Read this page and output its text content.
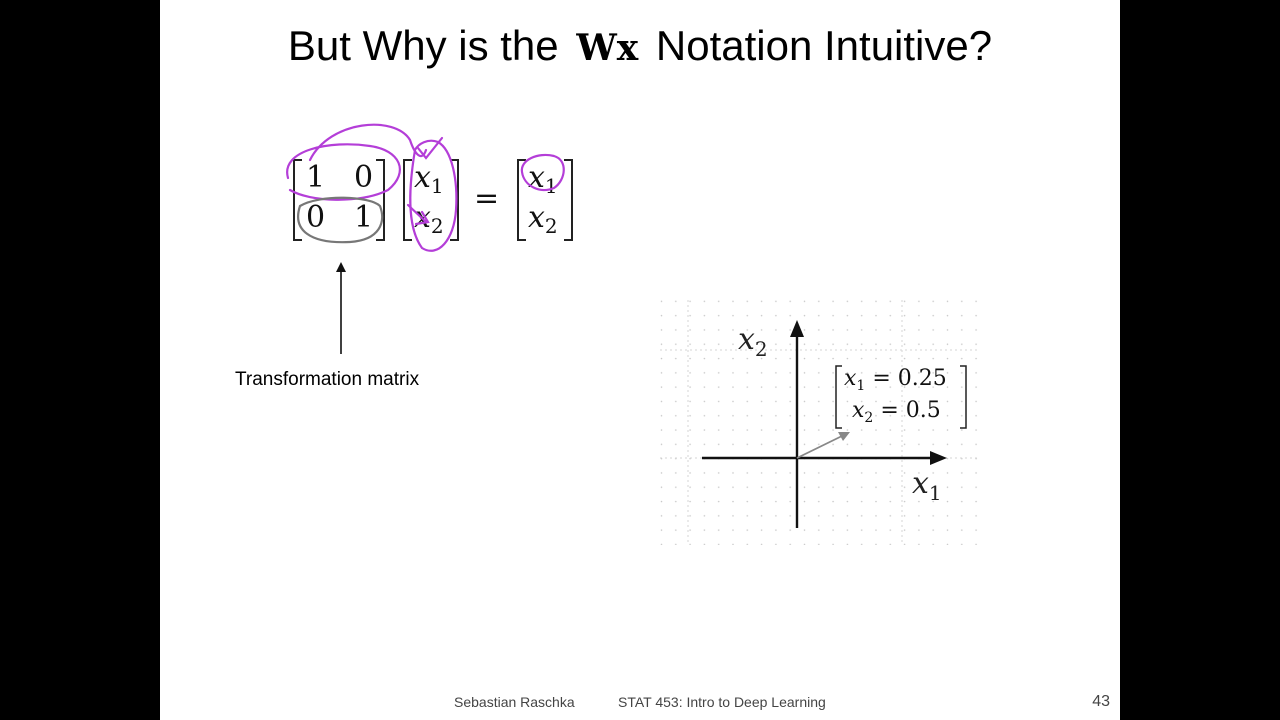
But Why is the Wx Notation Intuitive?
1 0
0 1
$x_1$
$x_2$
=
$x_1$
$x_2$
Transformation matrix
$x_2$
$x_1$
$x_1 = 0.25$
$x_2 = 0.5$
Sebastian Raschka	STAT 453: Intro to Deep Learning	43
